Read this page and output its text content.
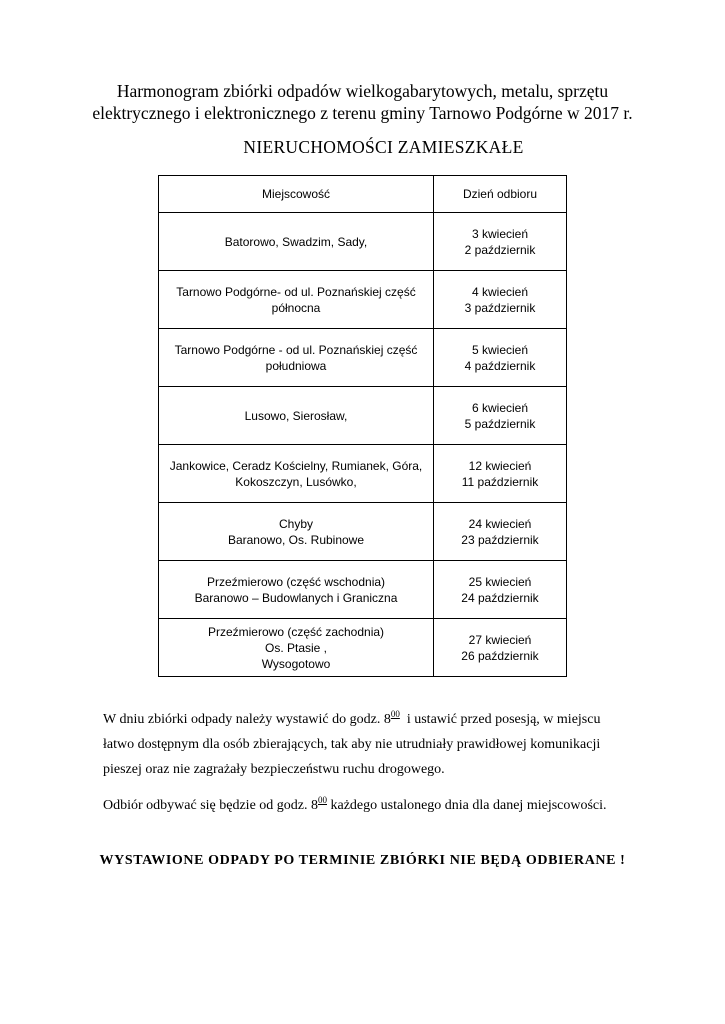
Harmonogram zbiórki odpadów wielkogabarytowych, metalu, sprzętu
elektrycznego i elektronicznego z terenu gminy Tarnowo Podgórne w 2017 r.
NIERUCHOMOŚCI ZAMIESZKAŁE
Miejscowość	Dzień odbioru

Batorowo, Swadzim, Sady,	3 kwiecień
2 październik

Tarnowo Podgórne- od ul. Poznańskiej część
północna	4 kwiecień
3 październik

Tarnowo Podgórne - od ul. Poznańskiej część
południowa	5 kwiecień
4 październik

Lusowo, Sierosław,	6 kwiecień
5 październik

Jankowice, Ceradz Kościelny, Rumianek, Góra,
Kokoszczyn, Lusówko,	12 kwiecień
11 październik

Chyby
Baranowo, Os. Rubinowe	24 kwiecień
23 październik

Przeźmierowo (część wschodnia)
Baranowo – Budowlanych i Graniczna	25 kwiecień
24 październik

Przeźmierowo (część zachodnia)
Os. Ptasie ,
Wysogotowo	27 kwiecień
26 październik
W dniu zbiórki odpady należy wystawić do godz. $8^{00}$  i ustawić przed posesją, w miejscu
łatwo dostępnym dla osób zbierających, tak aby nie utrudniały prawidłowej komunikacji
pieszej oraz nie zagrażały bezpieczeństwu ruchu drogowego.
Odbiór odbywać się będzie od godz. $8^{00}$ każdego ustalonego dnia dla danej miejscowości.
WYSTAWIONE ODPADY PO TERMINIE ZBIÓRKI NIE BĘDĄ ODBIERANE !
